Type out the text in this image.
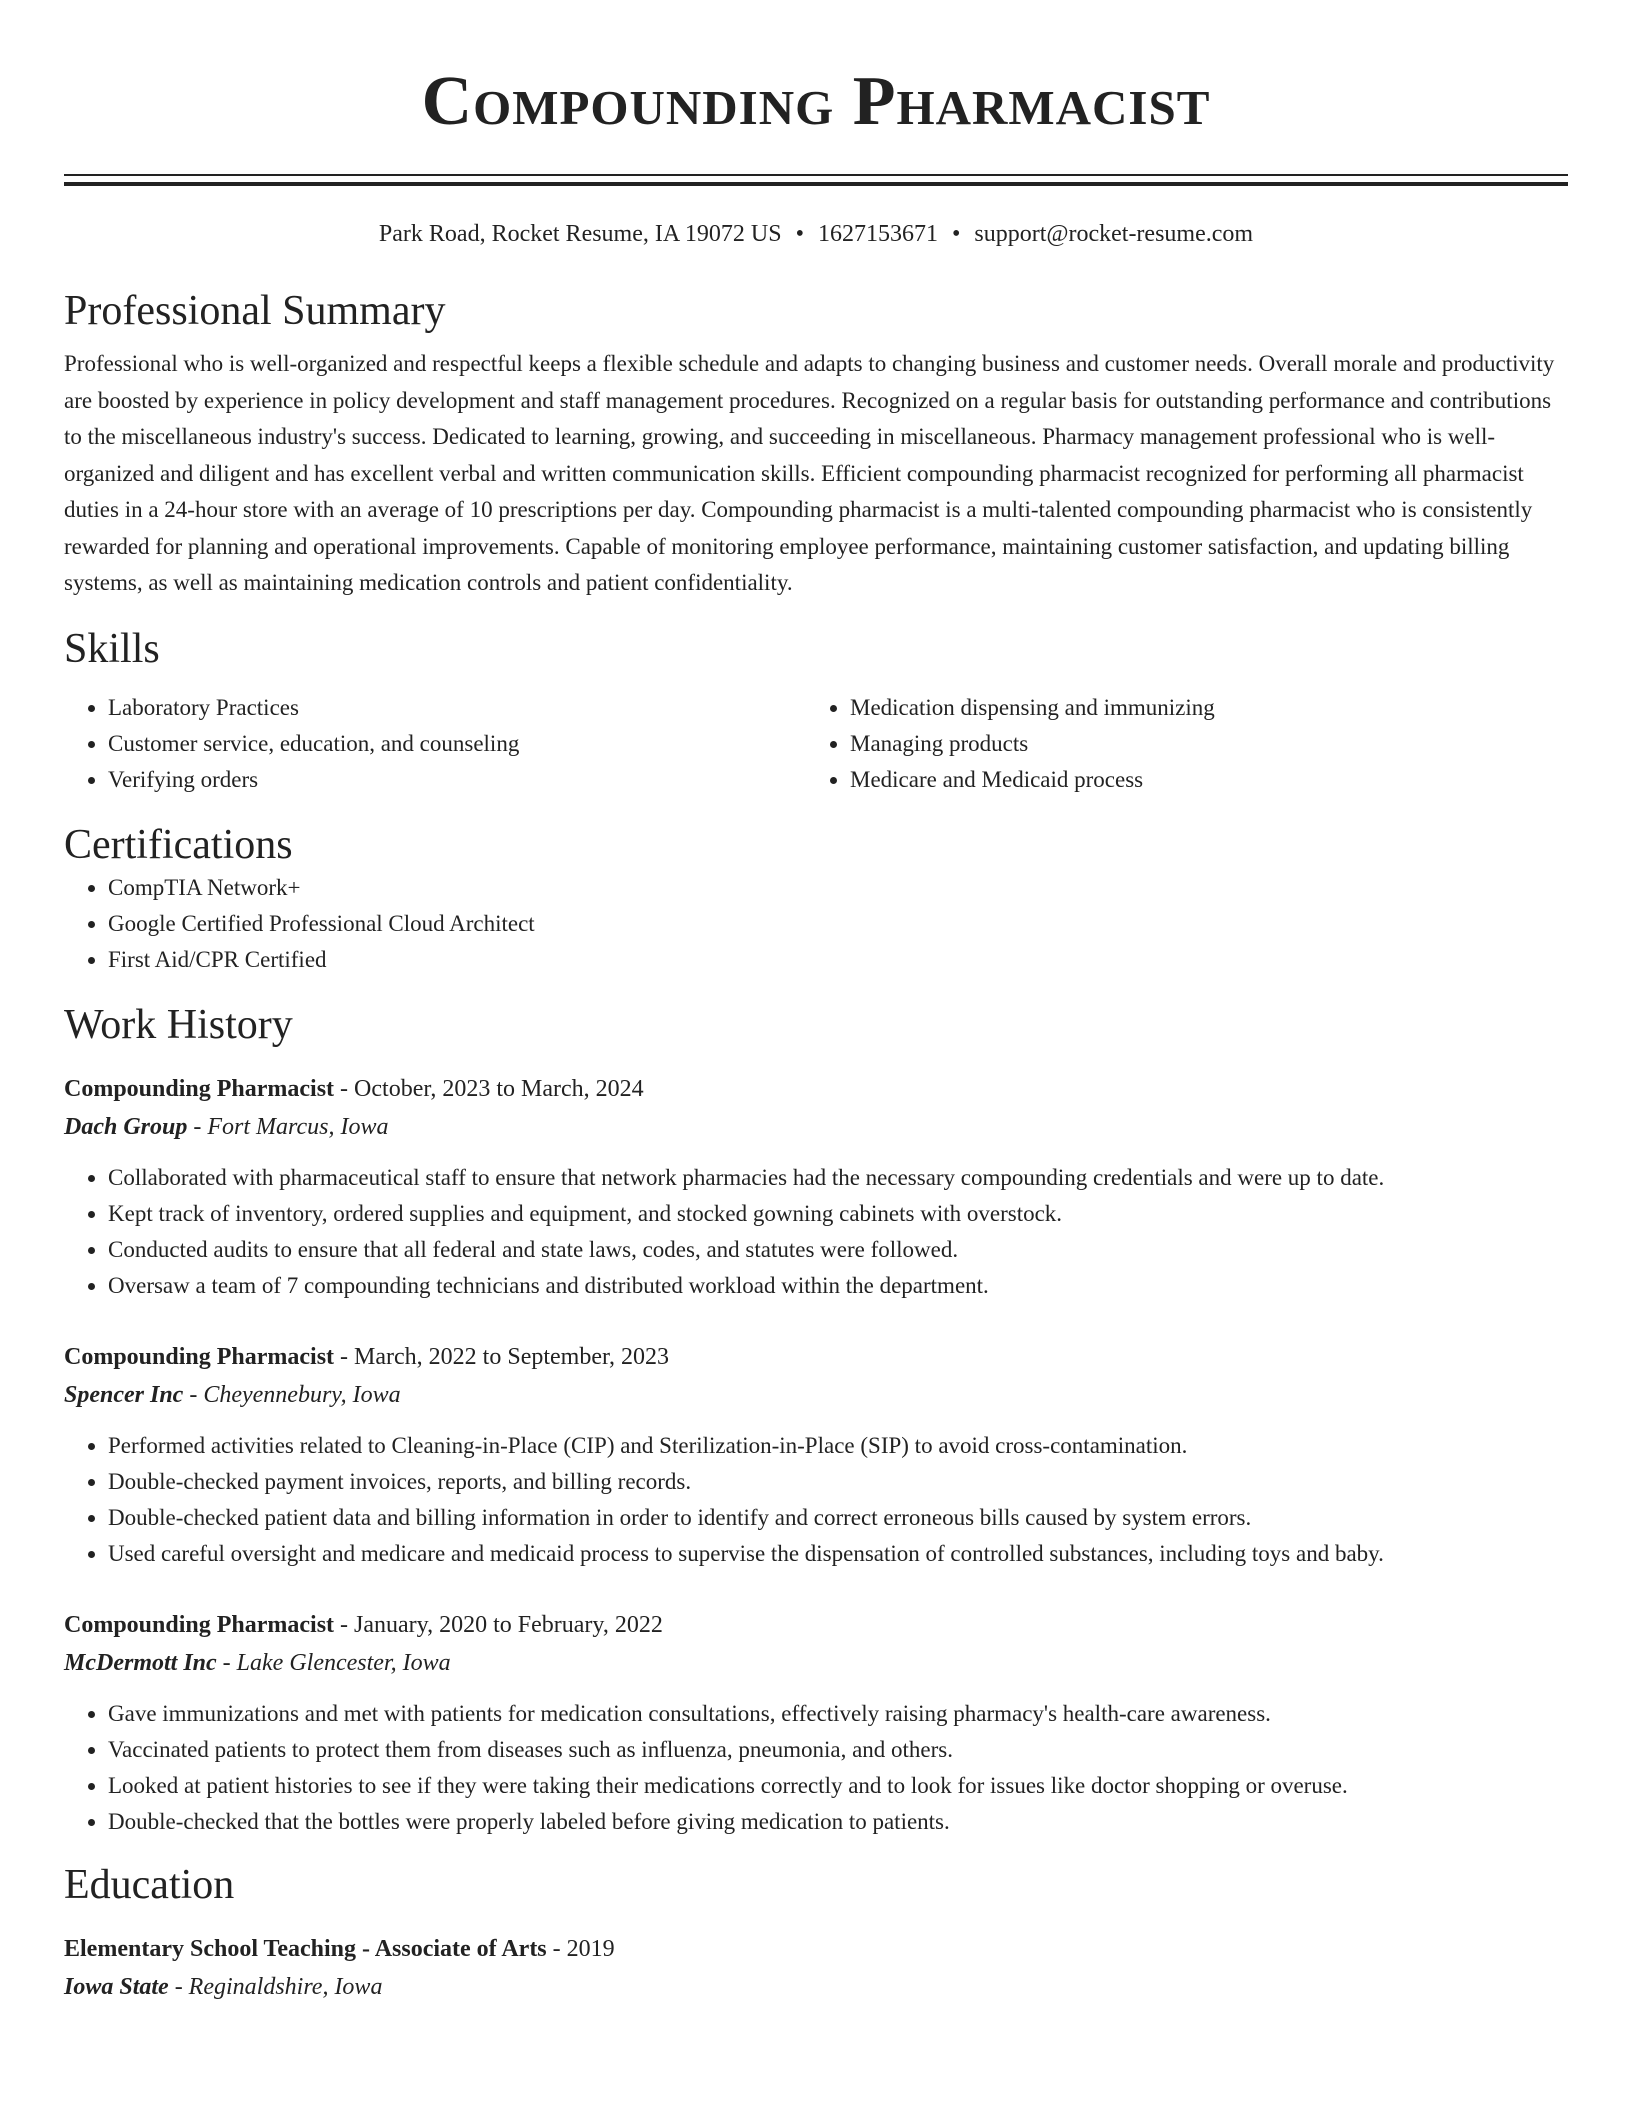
Compounding Pharmacist
Park Road, Rocket Resume, IA 19072 US • 1627153671 • support@rocket-resume.com
Professional Summary
Professional who is well-organized and respectful keeps a flexible schedule and adapts to changing business and customer needs. Overall morale and productivity are boosted by experience in policy development and staff management procedures. Recognized on a regular basis for outstanding performance and contributions to the miscellaneous industry's success. Dedicated to learning, growing, and succeeding in miscellaneous. Pharmacy management professional who is well-organized and diligent and has excellent verbal and written communication skills. Efficient compounding pharmacist recognized for performing all pharmacist duties in a 24-hour store with an average of 10 prescriptions per day. Compounding pharmacist is a multi-talented compounding pharmacist who is consistently rewarded for planning and operational improvements. Capable of monitoring employee performance, maintaining customer satisfaction, and updating billing systems, as well as maintaining medication controls and patient confidentiality.
Skills
• Laboratory Practices
• Customer service, education, and counseling
• Verifying orders
• Medication dispensing and immunizing
• Managing products
• Medicare and Medicaid process
Certifications
• CompTIA Network+
• Google Certified Professional Cloud Architect
• First Aid/CPR Certified
Work History
Compounding Pharmacist - October, 2023 to March, 2024
Dach Group - Fort Marcus, Iowa
• Collaborated with pharmaceutical staff to ensure that network pharmacies had the necessary compounding credentials and were up to date.
• Kept track of inventory, ordered supplies and equipment, and stocked gowning cabinets with overstock.
• Conducted audits to ensure that all federal and state laws, codes, and statutes were followed.
• Oversaw a team of 7 compounding technicians and distributed workload within the department.
Compounding Pharmacist - March, 2022 to September, 2023
Spencer Inc - Cheyennebury, Iowa
• Performed activities related to Cleaning-in-Place (CIP) and Sterilization-in-Place (SIP) to avoid cross-contamination.
• Double-checked payment invoices, reports, and billing records.
• Double-checked patient data and billing information in order to identify and correct erroneous bills caused by system errors.
• Used careful oversight and medicare and medicaid process to supervise the dispensation of controlled substances, including toys and baby.
Compounding Pharmacist - January, 2020 to February, 2022
McDermott Inc - Lake Glencester, Iowa
• Gave immunizations and met with patients for medication consultations, effectively raising pharmacy's health-care awareness.
• Vaccinated patients to protect them from diseases such as influenza, pneumonia, and others.
• Looked at patient histories to see if they were taking their medications correctly and to look for issues like doctor shopping or overuse.
• Double-checked that the bottles were properly labeled before giving medication to patients.
Education
Elementary School Teaching - Associate of Arts - 2019
Iowa State - Reginaldshire, Iowa
